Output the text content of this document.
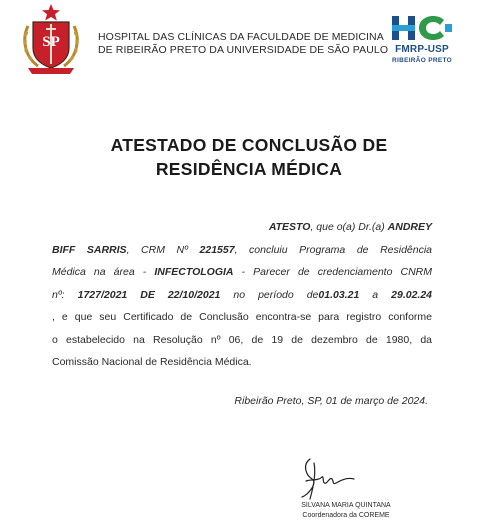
SP	HOSPITAL DAS CLÍNICAS DA FACULDADE DE MEDICINA
DE RIBEIRÃO PRETO DA UNIVERSIDADE DE SÃO PAULO FMRP-USP
RIBEIRÃO PRETO
ATESTADO DE CONCLUSÃO DE
RESIDÊNCIA MÉDICA
ATESTO, que o(a) Dr.(a) ANDREY
BIFF SARRIS, CRM Nº 221557, concluiu Programa de Residência
Médica na área - INFECTOLOGIA - Parecer de credenciamento CNRM
nº: 1727/2021 DE 22/10/2021 no período de01.03.21 a 29.02.24
, e que seu Certificado de Conclusão encontra-se para registro conforme
o estabelecido na Resolução nº 06, de 19 de dezembro de 1980, da
Comissão Nacional de Residência Médica.
Ribeirão Preto, SP, 01 de março de 2024.
SILVANA MARIA QUINTANA
Coordenadora da COREME
